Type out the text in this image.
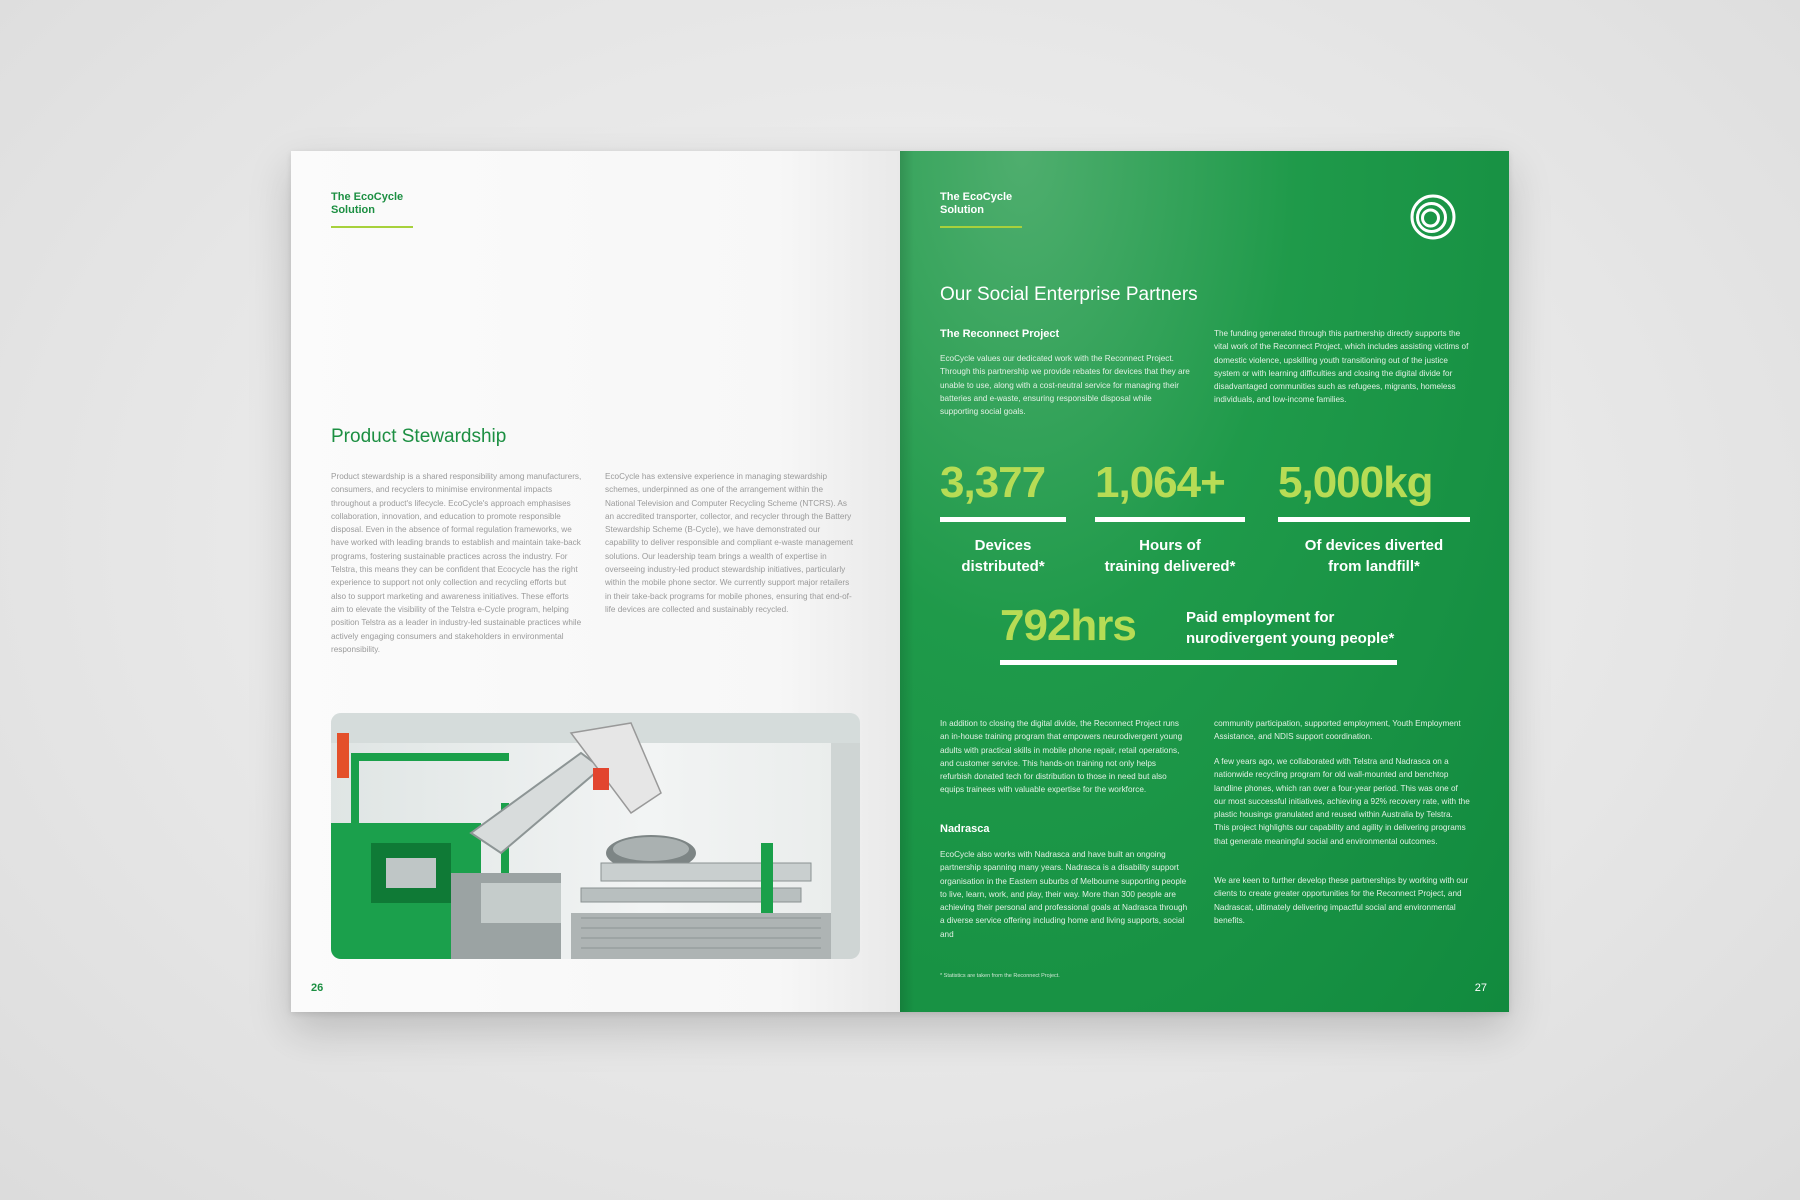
The EcoCycle Solution
Product Stewardship
Product stewardship is a shared responsibility among manufacturers, consumers, and recyclers to minimise environmental impacts throughout a product's lifecycle. EcoCycle's approach emphasises collaboration, innovation, and education to promote responsible disposal. Even in the absence of formal regulation frameworks, we have worked with leading brands to establish and maintain take-back programs, fostering sustainable practices across the industry. For Telstra, this means they can be confident that Ecocycle has the right experience to support not only collection and recycling efforts but also to support marketing and awareness initiatives. These efforts aim to elevate the visibility of the Telstra e-Cycle program, helping position Telstra as a leader in industry-led sustainable practices while actively engaging consumers and stakeholders in environmental responsibility.
EcoCycle has extensive experience in managing stewardship schemes, underpinned as one of the arrangement within the National Television and Computer Recycling Scheme (NTCRS). As an accredited transporter, collector, and recycler through the Battery Stewardship Scheme (B-Cycle), we have demonstrated our capability to deliver responsible and compliant e-waste management solutions. Our leadership team brings a wealth of expertise in overseeing industry-led product stewardship initiatives, particularly within the mobile phone sector. We currently support major retailers in their take-back programs for mobile phones, ensuring that end-of-life devices are collected and sustainably recycled.
26
The EcoCycle Solution
Our Social Enterprise Partners
The Reconnect Project
EcoCycle values our dedicated work with the Reconnect Project. Through this partnership we provide rebates for devices that they are unable to use, along with a cost-neutral service for managing their batteries and e-waste, ensuring responsible disposal while supporting social goals.
The funding generated through this partnership directly supports the vital work of the Reconnect Project, which includes assisting victims of domestic violence, upskilling youth transitioning out of the justice system or with learning difficulties and closing the digital divide for disadvantaged communities such as refugees, migrants, homeless individuals, and low-income families.
3,377
Devices
distributed*
1,064+
Hours of
training delivered*
5,000kg
Of devices diverted
from landfill*
792hrs	Paid employment for
nurodivergent young people*
In addition to closing the digital divide, the Reconnect Project runs an in-house training program that empowers neurodivergent young adults with practical skills in mobile phone repair, retail operations, and customer service. This hands-on training not only helps refurbish donated tech for distribution to those in need but also equips trainees with valuable expertise for the workforce.
Nadrasca
EcoCycle also works with Nadrasca and have built an ongoing partnership spanning many years. Nadrasca is a disability support organisation in the Eastern suburbs of Melbourne supporting people to live, learn, work, and play, their way. More than 300 people are achieving their personal and professional goals at Nadrasca through a diverse service offering including home and living supports, social and
community participation, supported employment, Youth Employment Assistance, and NDIS support coordination.
A few years ago, we collaborated with Telstra and Nadrasca on a nationwide recycling program for old wall-mounted and benchtop landline phones, which ran over a four-year period. This was one of our most successful initiatives, achieving a 92% recovery rate, with the plastic housings granulated and reused within Australia by Telstra. This project highlights our capability and agility in delivering programs that generate meaningful social and environmental outcomes.
We are keen to further develop these partnerships by working with our clients to create greater opportunities for the Reconnect Project, and Nadrascat, ultimately delivering impactful social and environmental benefits.
* Statistics are taken from the Reconnect Project.
27
